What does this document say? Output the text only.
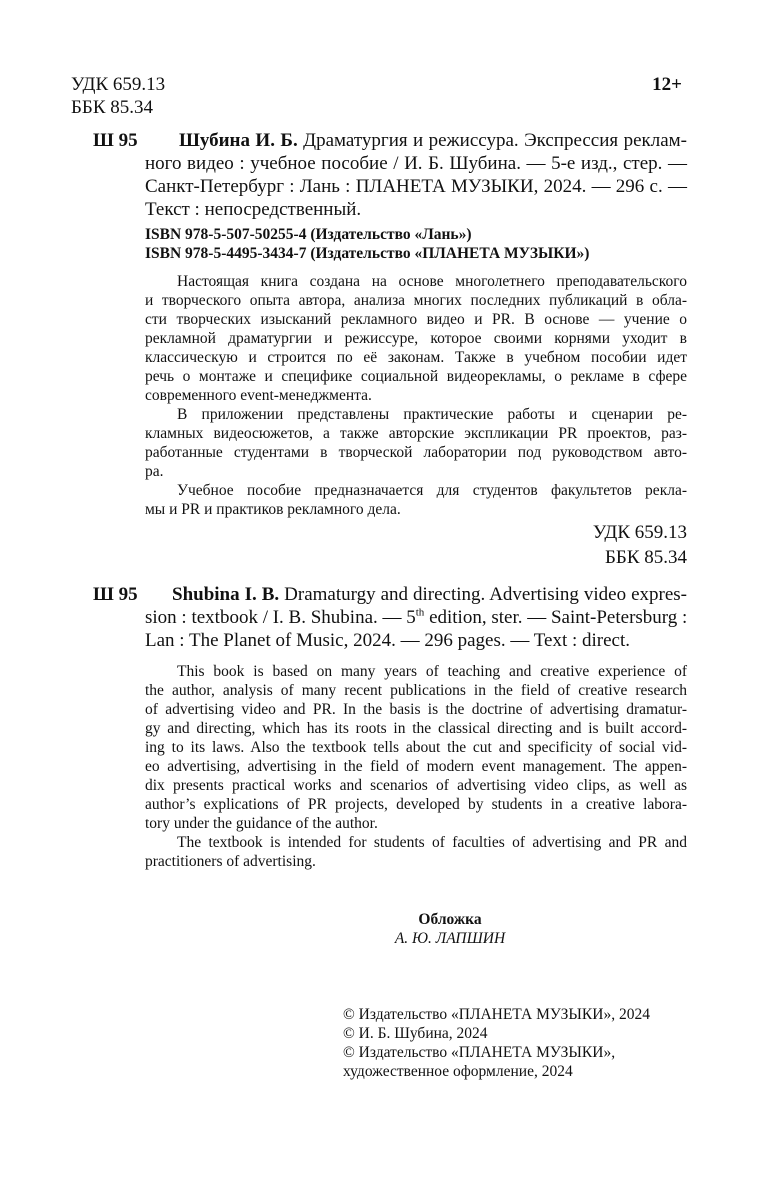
УДК 659.13
ББК 85.34
12+
Ш 95 Шубина И. Б. Драматургия и режиссура. Экспрессия реклам-
ного видео : учебное пособие / И. Б. Шубина. — 5-е изд., стер. —
Санкт-Петербург : Лань : ПЛАНЕТА МУЗЫКИ, 2024. — 296 с. —
Текст : непосредственный.
ISBN 978-5-507-50255-4 (Издательство «Лань»)
ISBN 978-5-4495-3434-7 (Издательство «ПЛАНЕТА МУЗЫКИ»)
Настоящая книга создана на основе многолетнего преподавательского
и творческого опыта автора, анализа многих последних публикаций в обла-
сти творческих изысканий рекламного видео и PR. В основе — учение о
рекламной драматургии и режиссуре, которое своими корнями уходит в
классическую и строится по её законам. Также в учебном пособии идет
речь о монтаже и специфике социальной видеорекламы, о рекламе в сфере
современного event-менеджмента.
В приложении представлены практические работы и сценарии ре-
кламных видеосюжетов, а также авторские экспликации PR проектов, раз-
работанные студентами в творческой лаборатории под руководством авто-
ра.
Учебное пособие предназначается для студентов факультетов рекла-
мы и PR и практиков рекламного дела.
УДК 659.13
ББК 85.34
Ш 95 Shubina I. B. Dramaturgy and directing. Advertising video expres-
sion : textbook / I. B. Shubina. — 5th edition, ster. — Saint-Petersburg :
Lan : The Planet of Music, 2024. — 296 pages. — Text : direct.
This book is based on many years of teaching and creative experience of
the author, analysis of many recent publications in the field of creative research
of advertising video and PR. In the basis is the doctrine of advertising dramatur-
gy and directing, which has its roots in the classical directing and is built accord-
ing to its laws. Also the textbook tells about the cut and specificity of social vid-
eo advertising, advertising in the field of modern event management. The appen-
dix presents practical works and scenarios of advertising video clips, as well as
author’s explications of PR projects, developed by students in a creative labora-
tory under the guidance of the author.
The textbook is intended for students of faculties of advertising and PR and
practitioners of advertising.
Обложка
А. Ю. ЛАПШИН
© Издательство «ПЛАНЕТА МУЗЫКИ», 2024
© И. Б. Шубина, 2024
© Издательство «ПЛАНЕТА МУЗЫКИ»,
художественное оформление, 2024
